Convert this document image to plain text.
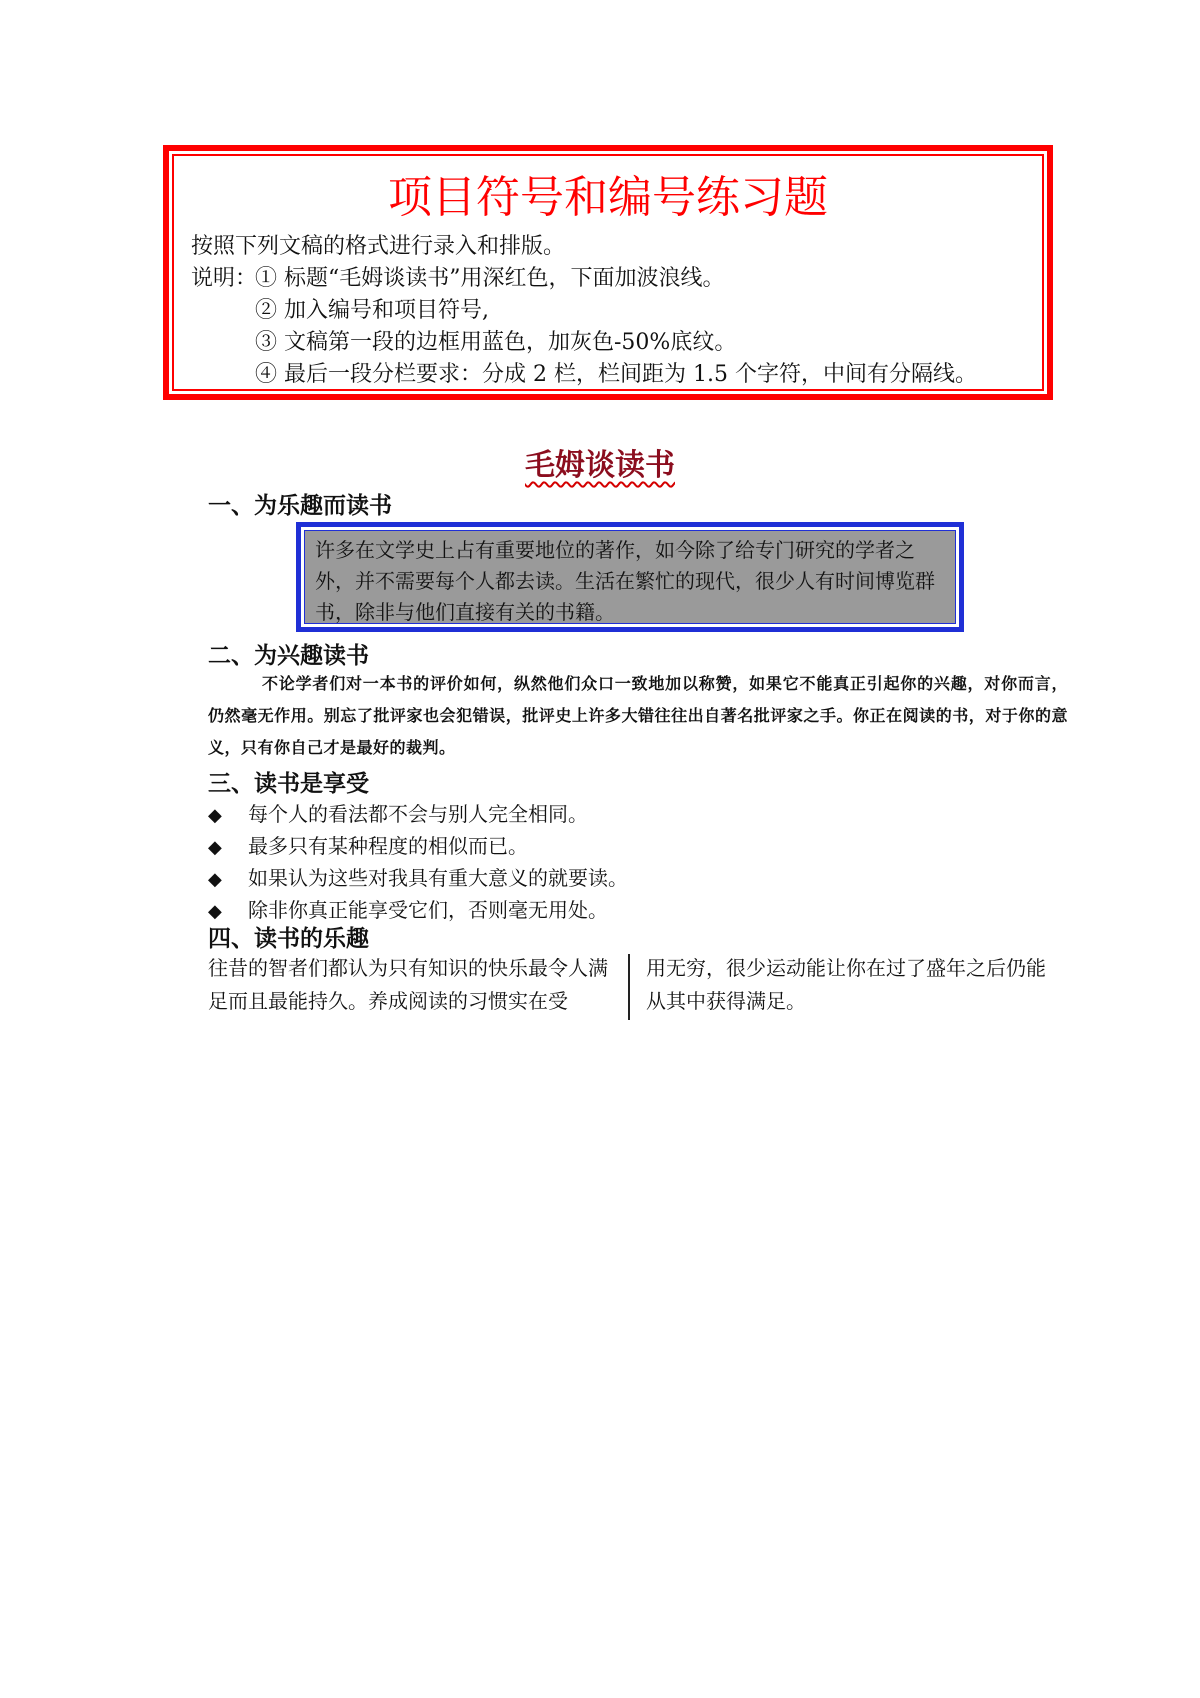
项目符号和编号练习题
按照下列文稿的格式进行录入和排版。
说明：
① 标题“毛姆谈读书”用深红色，下面加波浪线。
② 加入编号和项目符号,
③ 文稿第一段的边框用蓝色，加灰色-50%底纹。
④ 最后一段分栏要求：分成 2 栏，栏间距为 1.5 个字符，中间有分隔线。
毛姆谈读书
一、为乐趣而读书
许多在文学史上占有重要地位的著作，如今除了给专门研究的学者之外，并不需要每个人都去读。生活在繁忙的现代，很少人有时间博览群书，除非与他们直接有关的书籍。
二、为兴趣读书
不论学者们对一本书的评价如何，纵然他们众口一致地加以称赞，如果它不能真正引起你的兴趣，对你而言，仍然毫无作用。别忘了批评家也会犯错误，批评史上许多大错往往出自著名批评家之手。你正在阅读的书，对于你的意义，只有你自己才是最好的裁判。
三、读书是享受
◆ 每个人的看法都不会与别人完全相同。
◆ 最多只有某种程度的相似而已。
◆ 如果认为这些对我具有重大意义的就要读。
◆ 除非你真正能享受它们，否则毫无用处。
四、读书的乐趣
往昔的智者们都认为只有知识的快乐最令人满足而且最能持久。养成阅读的习惯实在受
用无穷，很少运动能让你在过了盛年之后仍能从其中获得满足。
